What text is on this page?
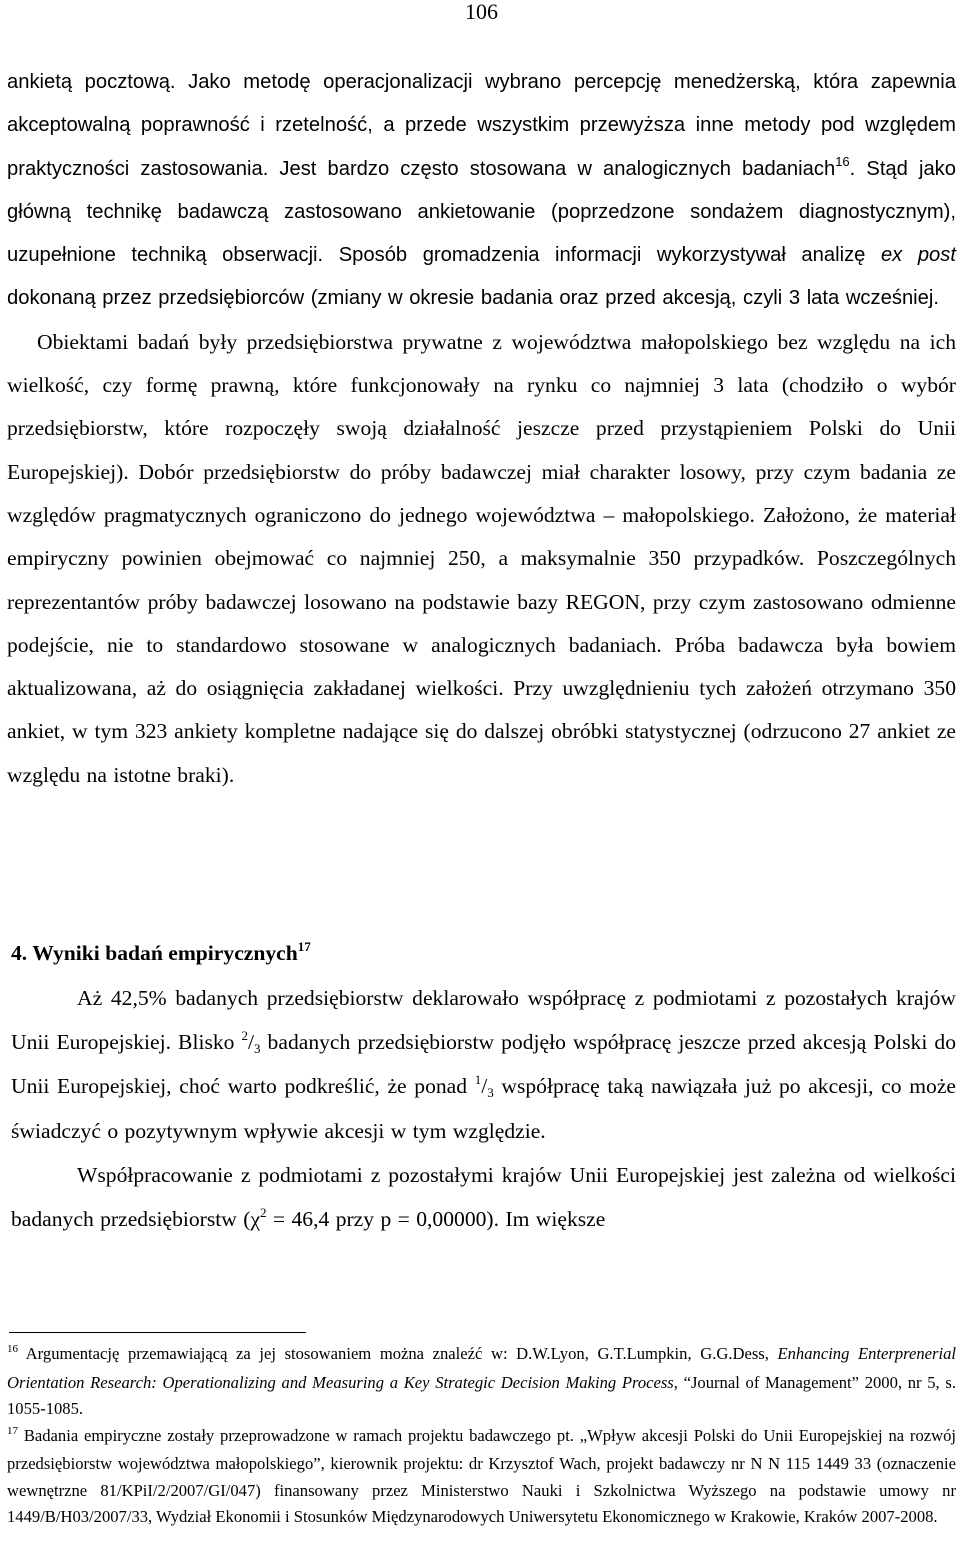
106
ankietą pocztową. Jako metodę operacjonalizacji wybrano percepcję menedżerską, która zapewnia akceptowalną poprawność i rzetelność, a przede wszystkim przewyższa inne metody pod względem praktyczności zastosowania. Jest bardzo często stosowana w analogicznych badaniach$^{16}$. Stąd jako główną technikę badawczą zastosowano ankietowanie (poprzedzone sondażem diagnostycznym), uzupełnione techniką obserwacji. Sposób gromadzenia informacji wykorzystywał analizę ex post dokonaną przez przedsiębiorców (zmiany w okresie badania oraz przed akcesją, czyli 3 lata wcześniej.
Obiektami badań były przedsiębiorstwa prywatne z województwa małopolskiego bez względu na ich wielkość, czy formę prawną, które funkcjonowały na rynku co najmniej 3 lata (chodziło o wybór przedsiębiorstw, które rozpoczęły swoją działalność jeszcze przed przystąpieniem Polski do Unii Europejskiej). Dobór przedsiębiorstw do próby badawczej miał charakter losowy, przy czym badania ze względów pragmatycznych ograniczono do jednego województwa – małopolskiego. Założono, że materiał empiryczny powinien obejmować co najmniej 250, a maksymalnie 350 przypadków. Poszczególnych reprezentantów próby badawczej losowano na podstawie bazy REGON, przy czym zastosowano odmienne podejście, nie to standardowo stosowane w analogicznych badaniach. Próba badawcza była bowiem aktualizowana, aż do osiągnięcia zakładanej wielkości. Przy uwzględnieniu tych założeń otrzymano 350 ankiet, w tym 323 ankiety kompletne nadające się do dalszej obróbki statystycznej (odrzucono 27 ankiet ze względu na istotne braki).
4. Wyniki badań empirycznych$^{17}$
Aż 42,5% badanych przedsiębiorstw deklarowało współpracę z podmiotami z pozostałych krajów Unii Europejskiej. Blisko $^2/_3$ badanych przedsiębiorstw podjęło współpracę jeszcze przed akcesją Polski do Unii Europejskiej, choć warto podkreślić, że ponad $^1/_3$ współpracę taką nawiązała już po akcesji, co może świadczyć o pozytywnym wpływie akcesji w tym względzie.
Współpracowanie z podmiotami z pozostałymi krajów Unii Europejskiej jest zależna od wielkości badanych przedsiębiorstw ($\chi^2 = 46,4$ przy p = 0,00000). Im większe

$^{16}$ Argumentację przemawiającą za jej stosowaniem można znaleźć w: D.W.Lyon, G.T.Lumpkin, G.G.Dess, Enhancing Enterprenerial Orientation Research: Operationalizing and Measuring a Key Strategic Decision Making Process, “Journal of Management” 2000, nr 5, s. 1055-1085.

$^{17}$ Badania empiryczne zostały przeprowadzone w ramach projektu badawczego pt. „Wpływ akcesji Polski do Unii Europejskiej na rozwój przedsiębiorstw województwa małopolskiego”, kierownik projektu: dr Krzysztof Wach, projekt badawczy nr N N 115 1449 33 (oznaczenie wewnętrzne 81/KPiI/2/2007/GI/047) finansowany przez Ministerstwo Nauki i Szkolnictwa Wyższego na podstawie umowy nr 1449/B/H03/2007/33, Wydział Ekonomii i Stosunków Międzynarodowych Uniwersytetu Ekonomicznego w Krakowie, Kraków 2007-2008.
